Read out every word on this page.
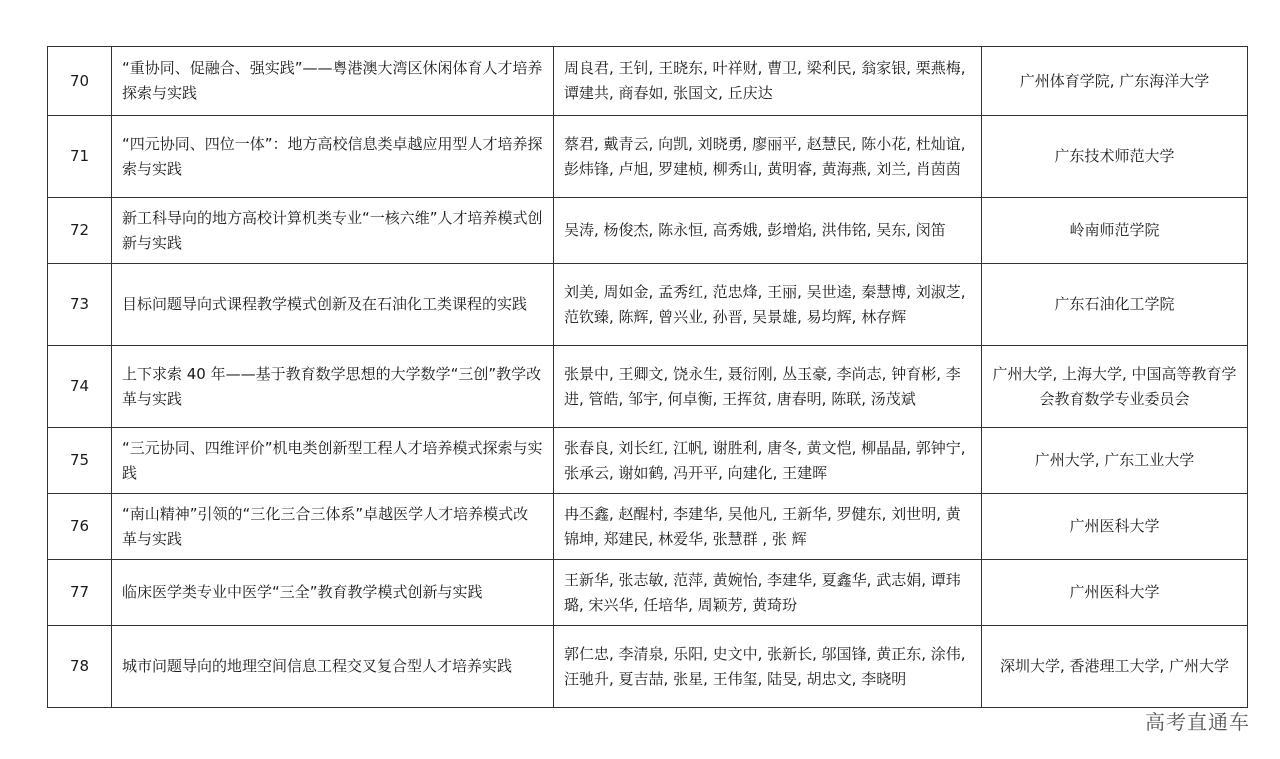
70	“重协同、促融合、强实践”——粤港澳大湾区休闲体育人才培养探索与实践	周良君, 王钊, 王晓东, 叶祥财, 曹卫, 梁利民, 翁家银, 栗燕梅, 谭建共, 商春如, 张国文, 丘庆达	广州体育学院, 广东海洋大学
71	“四元协同、四位一体”：地方高校信息类卓越应用型人才培养探索与实践	蔡君, 戴青云, 向凯, 刘晓勇, 廖丽平, 赵慧民, 陈小花, 杜灿谊, 彭炜锋, 卢旭, 罗建桢, 柳秀山, 黄明睿, 黄海燕, 刘兰, 肖茵茵	广东技术师范大学
72	新工科导向的地方高校计算机类专业“一核六维”人才培养模式创新与实践	吴涛, 杨俊杰, 陈永恒, 高秀娥, 彭增焰, 洪伟铭, 吴东, 闵笛	岭南师范学院
73	目标问题导向式课程教学模式创新及在石油化工类课程的实践	刘美, 周如金, 孟秀红, 范忠烽, 王丽, 吴世逵, 秦慧博, 刘淑芝, 范钦臻, 陈辉, 曾兴业, 孙晋, 吴景雄, 易均辉, 林存辉	广东石油化工学院
74	上下求索 40 年——基于教育数学思想的大学数学“三创”教学改革与实践	张景中, 王卿文, 饶永生, 聂衍刚, 丛玉豪, 李尚志, 钟育彬, 李进, 管皓, 邹宇, 何卓衡, 王挥贫, 唐春明, 陈联, 汤茂斌	广州大学, 上海大学, 中国高等教育学会教育数学专业委员会
75	“三元协同、四维评价”机电类创新型工程人才培养模式探索与实践	张春良, 刘长红, 江帆, 谢胜利, 唐冬, 黄文恺, 柳晶晶, 郭钟宁, 张承云, 谢如鹤, 冯开平, 向建化, 王建晖	广州大学, 广东工业大学
76	“南山精神”引领的“三化三合三体系”卓越医学人才培养模式改革与实践	冉丕鑫, 赵醒村, 李建华, 吴他凡, 王新华, 罗健东, 刘世明, 黄锦坤, 郑建民, 林爱华, 张慧群 , 张 辉	广州医科大学
77	临床医学类专业中医学“三全”教育教学模式创新与实践	王新华, 张志敏, 范萍, 黄婉怡, 李建华, 夏鑫华, 武志娟, 谭玮璐, 宋兴华, 任培华, 周颖芳, 黄琦玢	广州医科大学
78	城市问题导向的地理空间信息工程交叉复合型人才培养实践	郭仁忠, 李清泉, 乐阳, 史文中, 张新长, 邬国锋, 黄正东, 涂伟, 汪驰升, 夏吉喆, 张星, 王伟玺, 陆旻, 胡忠文, 李晓明	深圳大学, 香港理工大学, 广州大学
高考直通车
